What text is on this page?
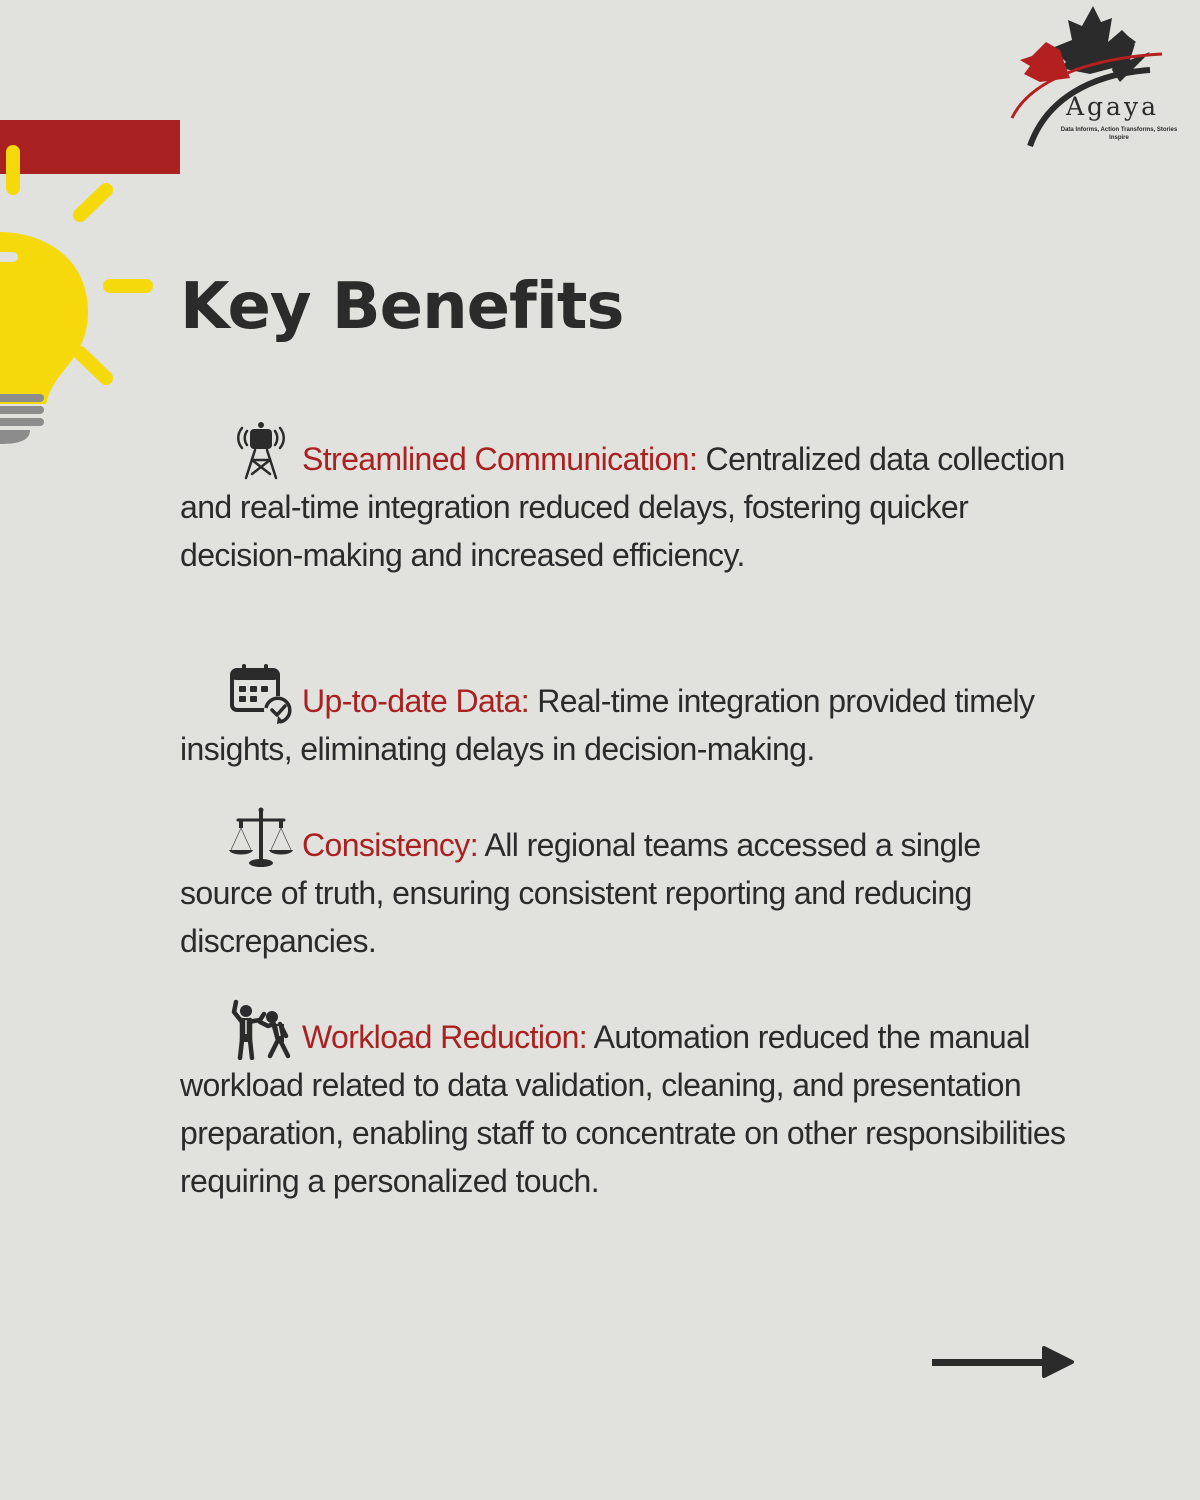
Agaya
Data Informs, Action Transforms, Stories Inspire
Key Benefits
Streamlined Communication: Centralized data collection and real-time integration reduced delays, fostering quicker decision-making and increased efficiency.
Up-to-date Data: Real-time integration provided timely insights, eliminating delays in decision-making.
Consistency: All regional teams accessed a single source of truth, ensuring consistent reporting and reducing discrepancies.
Workload Reduction: Automation reduced the manual workload related to data validation, cleaning, and presentation preparation, enabling staff to concentrate on other responsibilities requiring a personalized touch.
